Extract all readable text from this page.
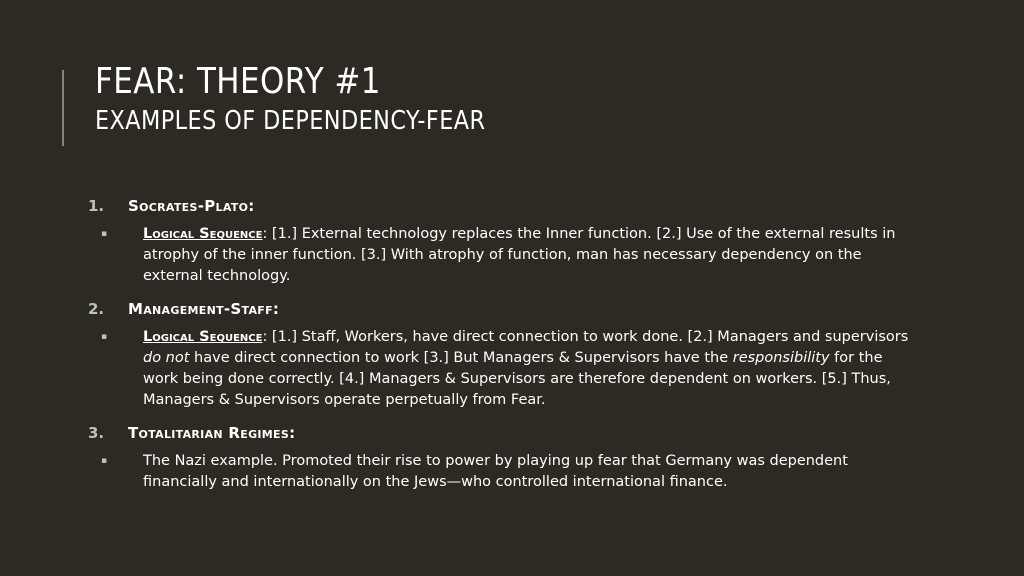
FEAR: THEORY #1
EXAMPLES OF DEPENDENCY-FEAR
1.	Socrates-Plato:
▪	Logical Sequence: [1.] External technology replaces the Inner function. [2.] Use of the external results in atrophy of the inner function. [3.] With atrophy of function, man has necessary dependency on the external technology.
2.	Management-Staff:
▪	Logical Sequence: [1.] Staff, Workers, have direct connection to work done. [2.] Managers and supervisors do not have direct connection to work [3.] But Managers & Supervisors have the responsibility for the work being done correctly. [4.] Managers & Supervisors are therefore dependent on workers. [5.] Thus, Managers & Supervisors operate perpetually from Fear.
3.	Totalitarian Regimes:
▪	The Nazi example. Promoted their rise to power by playing up fear that Germany was dependent financially and internationally on the Jews—who controlled international finance.
